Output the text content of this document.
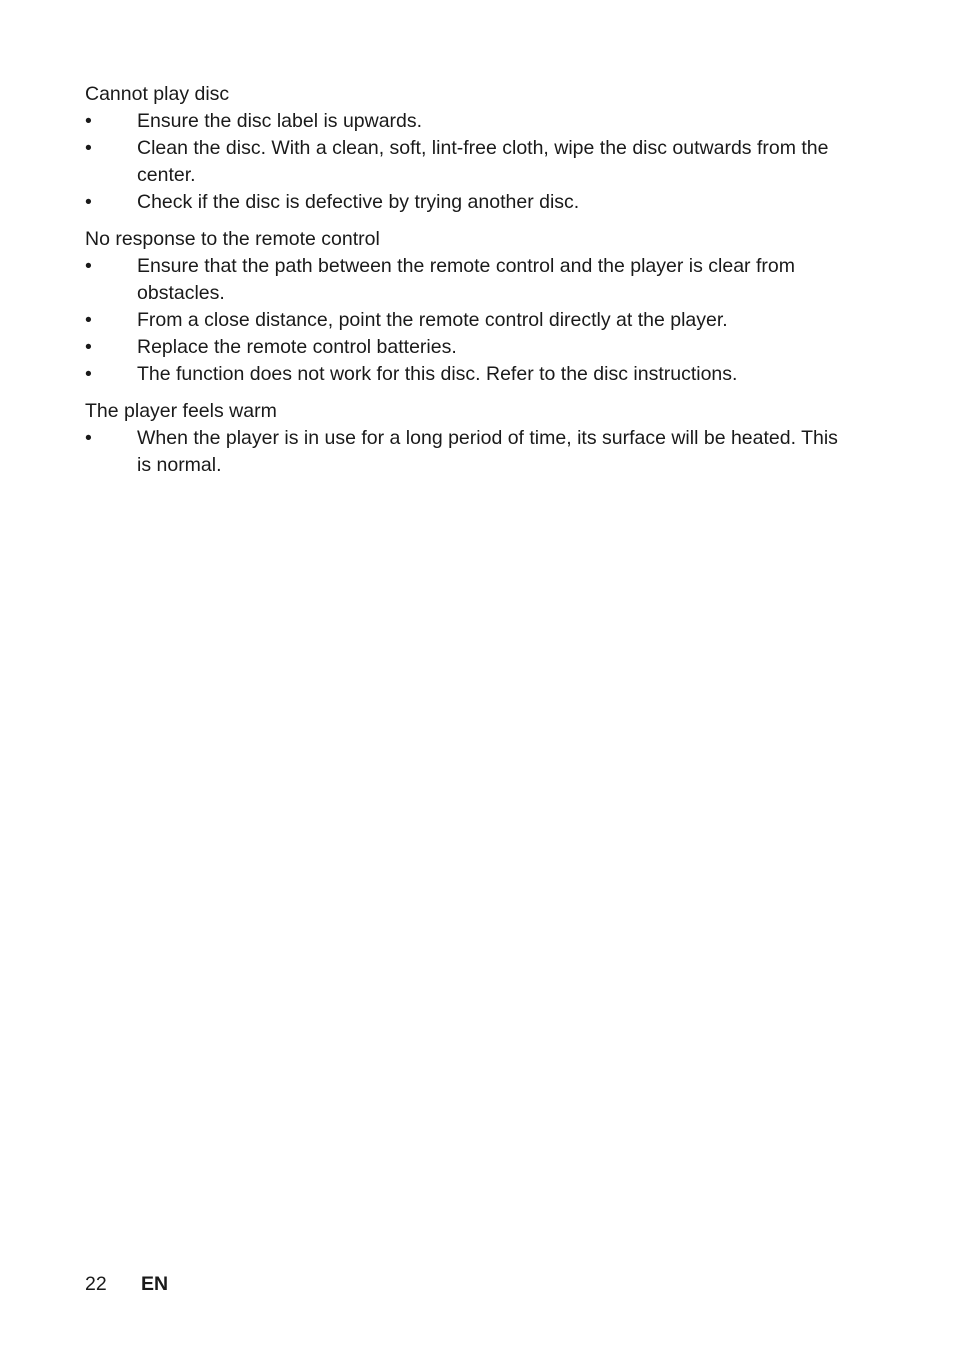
Cannot play disc

• Ensure the disc label is upwards.
• Clean the disc. With a clean, soft, lint-free cloth, wipe the disc outwards from the center.
• Check if the disc is defective by trying another disc.

No response to the remote control

• Ensure that the path between the remote control and the player is clear from obstacles.
• From a close distance, point the remote control directly at the player.
• Replace the remote control batteries.
• The function does not work for this disc. Refer to the disc instructions.

The player feels warm

• When the player is in use for a long period of time, its surface will be heated. This is normal.
22 EN
